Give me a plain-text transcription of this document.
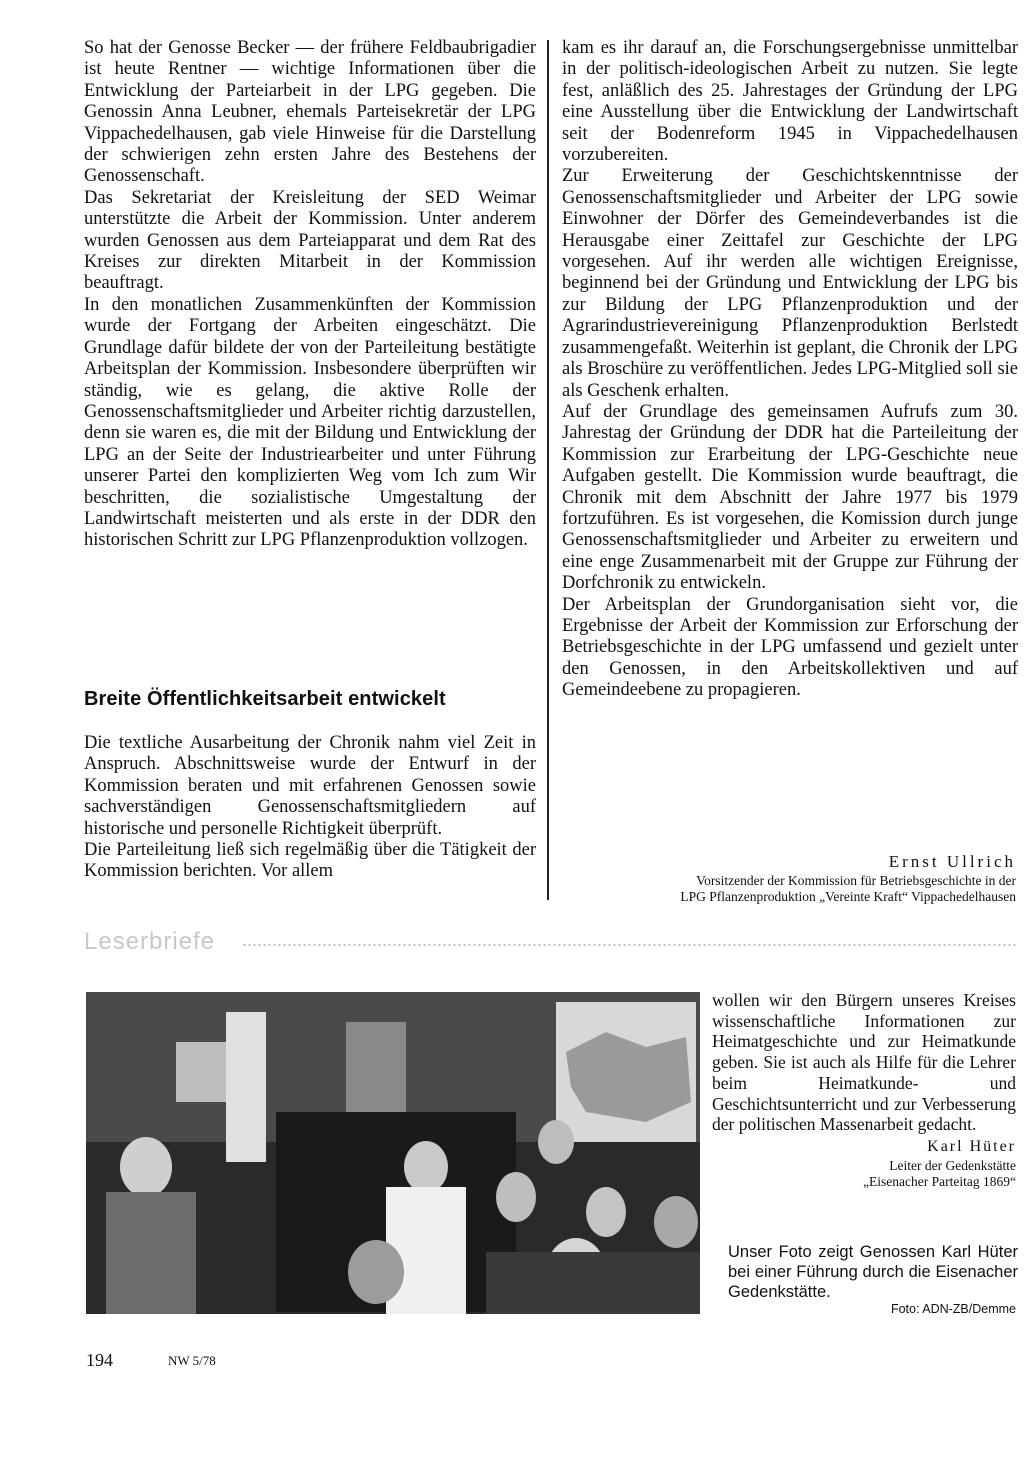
So hat der Genosse Becker — der frühere Feldbaubrigadier ist heute Rentner — wichtige Informationen über die Entwicklung der Parteiarbeit in der LPG gegeben. Die Genossin Anna Leubner, ehemals Parteisekretär der LPG Vippachedelhausen, gab viele Hinweise für die Darstellung der schwierigen zehn ersten Jahre des Bestehens der Genossenschaft.

Das Sekretariat der Kreisleitung der SED Weimar unterstützte die Arbeit der Kommission. Unter anderem wurden Genossen aus dem Parteiapparat und dem Rat des Kreises zur direkten Mitarbeit in der Kommission beauftragt.

In den monatlichen Zusammenkünften der Kommission wurde der Fortgang der Arbeiten eingeschätzt. Die Grundlage dafür bildete der von der Parteileitung bestätigte Arbeitsplan der Kommission. Insbesondere überprüften wir ständig, wie es gelang, die aktive Rolle der Genossenschaftsmitglieder und Arbeiter richtig darzustellen, denn sie waren es, die mit der Bildung und Entwicklung der LPG an der Seite der Industriearbeiter und unter Führung unserer Partei den komplizierten Weg vom Ich zum Wir beschritten, die sozialistische Umgestaltung der Landwirtschaft meisterten und als erste in der DDR den historischen Schritt zur LPG Pflanzenproduktion vollzogen.

Breite Öffentlichkeitsarbeit entwickelt

Die textliche Ausarbeitung der Chronik nahm viel Zeit in Anspruch. Abschnittsweise wurde der Entwurf in der Kommission beraten und mit erfahrenen Genossen sowie sachverständigen Genossenschaftsmitgliedern auf historische und personelle Richtigkeit überprüft.

Die Parteileitung ließ sich regelmäßig über die Tätigkeit der Kommission berichten. Vor allem

kam es ihr darauf an, die Forschungsergebnisse unmittelbar in der politisch-ideologischen Arbeit zu nutzen. Sie legte fest, anläßlich des 25. Jahrestages der Gründung der LPG eine Ausstellung über die Entwicklung der Landwirtschaft seit der Bodenreform 1945 in Vippachedelhausen vorzubereiten.

Zur Erweiterung der Geschichtskenntnisse der Genossenschaftsmitglieder und Arbeiter der LPG sowie Einwohner der Dörfer des Gemeindeverbandes ist die Herausgabe einer Zeittafel zur Geschichte der LPG vorgesehen. Auf ihr werden alle wichtigen Ereignisse, beginnend bei der Gründung und Entwicklung der LPG bis zur Bildung der LPG Pflanzenproduktion und der Agrarindustrievereinigung Pflanzenproduktion Berlstedt zusammengefaßt. Weiterhin ist geplant, die Chronik der LPG als Broschüre zu veröffentlichen. Jedes LPG-Mitglied soll sie als Geschenk erhalten.

Auf der Grundlage des gemeinsamen Aufrufs zum 30. Jahrestag der Gründung der DDR hat die Parteileitung der Kommission zur Erarbeitung der LPG-Geschichte neue Aufgaben gestellt. Die Kommission wurde beauftragt, die Chronik mit dem Abschnitt der Jahre 1977 bis 1979 fortzuführen. Es ist vorgesehen, die Komission durch junge Genossenschaftsmitglieder und Arbeiter zu erweitern und eine enge Zusammenarbeit mit der Gruppe zur Führung der Dorfchronik zu entwickeln.

Der Arbeitsplan der Grundorganisation sieht vor, die Ergebnisse der Arbeit der Kommission zur Erforschung der Betriebsgeschichte in der LPG umfassend und gezielt unter den Genossen, in den Arbeitskollektiven und auf Gemeindeebene zu propagieren.

Ernst Ullrich
Vorsitzender der Kommission für Betriebsgeschichte in der
LPG Pflanzenproduktion „Vereinte Kraft“ Vippachedelhausen
Leserbriefe

wollen wir den Bürgern unseres Kreises wissenschaftliche Informationen zur Heimatgeschichte und zur Heimatkunde geben. Sie ist auch als Hilfe für die Lehrer beim Heimatkunde- und Geschichtsunterricht und zur Verbesserung der politischen Massenarbeit gedacht.

Karl Hüter
Leiter der Gedenkstätte
„Eisenacher Parteitag 1869“
Unser Foto zeigt Genossen Karl Hüter bei einer Führung durch die Eisenacher Gedenkstätte.
Foto: ADN-ZB/Demme
194	NW 5/78
